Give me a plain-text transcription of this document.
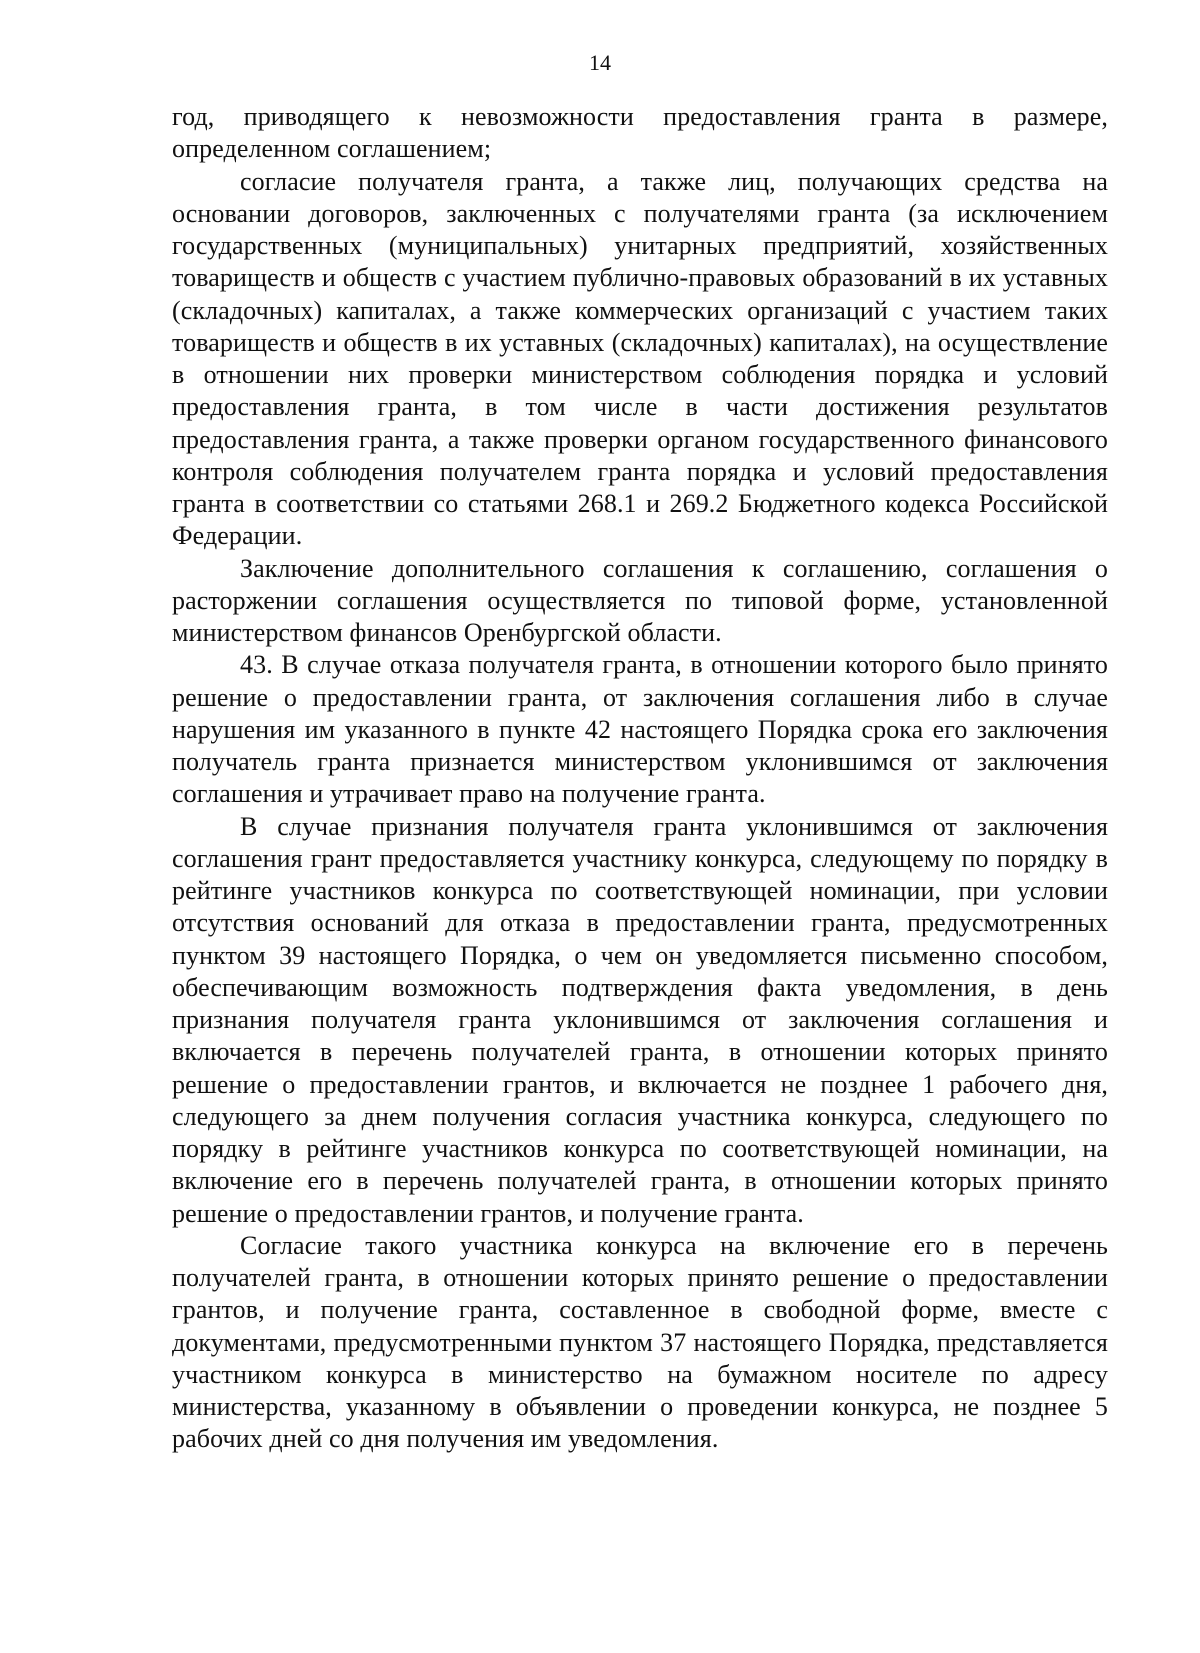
14

год, приводящего к невозможности предоставления гранта в размере, определенном соглашением;

согласие получателя гранта, а также лиц, получающих средства на основании договоров, заключенных с получателями гранта (за исключением государственных (муниципальных) унитарных предприятий, хозяйственных товариществ и обществ с участием публично-правовых образований в их уставных (складочных) капиталах, а также коммерческих организаций с участием таких товариществ и обществ в их уставных (складочных) капиталах), на осуществление в отношении них проверки министерством соблюдения порядка и условий предоставления гранта, в том числе в части достижения результатов предоставления гранта, а также проверки органом государственного финансового контроля соблюдения получателем гранта порядка и условий предоставления гранта в соответствии со статьями 268.1 и 269.2 Бюджетного кодекса Российской Федерации.

Заключение дополнительного соглашения к соглашению, соглашения о расторжении соглашения осуществляется по типовой форме, установленной министерством финансов Оренбургской области.

43. В случае отказа получателя гранта, в отношении которого было принято решение о предоставлении гранта, от заключения соглашения либо в случае нарушения им указанного в пункте 42 настоящего Порядка срока его заключения получатель гранта признается министерством уклонившимся от заключения соглашения и утрачивает право на получение гранта.

В случае признания получателя гранта уклонившимся от заключения соглашения грант предоставляется участнику конкурса, следующему по порядку в рейтинге участников конкурса по соответствующей номинации, при условии отсутствия оснований для отказа в предоставлении гранта, предусмотренных пунктом 39 настоящего Порядка, о чем он уведомляется письменно способом, обеспечивающим возможность подтверждения факта уведомления, в день признания получателя гранта уклонившимся от заключения соглашения и включается в перечень получателей гранта, в отношении которых принято решение о предоставлении грантов, и включается не позднее 1 рабочего дня, следующего за днем получения согласия участника конкурса, следующего по порядку в рейтинге участников конкурса по соответствующей номинации, на включение его в перечень получателей гранта, в отношении которых принято решение о предоставлении грантов, и получение гранта.

Согласие такого участника конкурса на включение его в перечень получателей гранта, в отношении которых принято решение о предоставлении грантов, и получение гранта, составленное в свободной форме, вместе с документами, предусмотренными пунктом 37 настоящего Порядка, представляется участником конкурса в министерство на бумажном носителе по адресу министерства, указанному в объявлении о проведении конкурса, не позднее 5 рабочих дней со дня получения им уведомления.
